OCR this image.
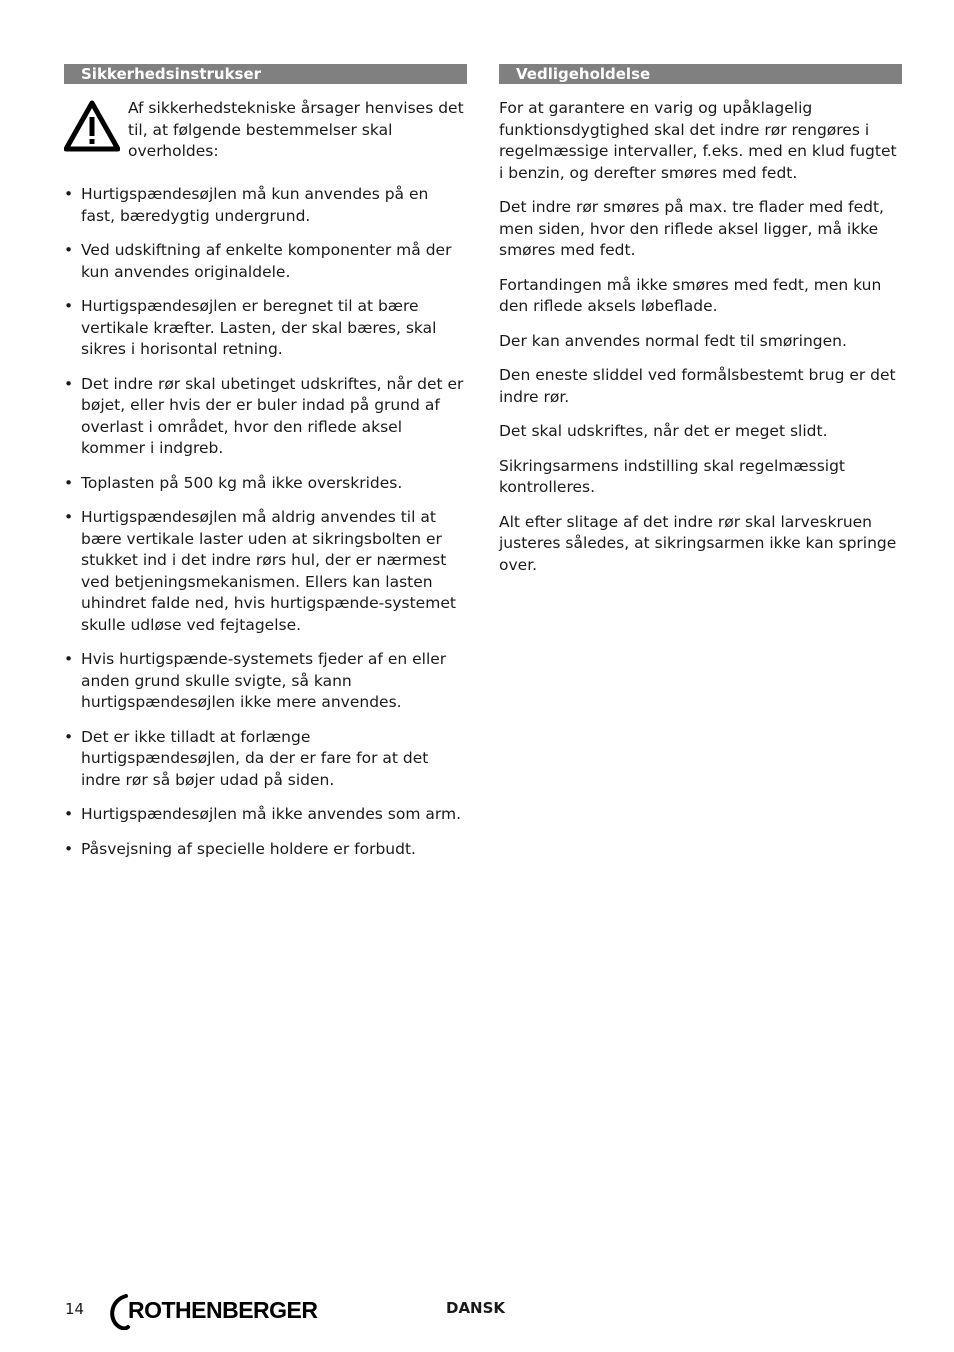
Sikkerhedsinstrukser
Af sikkerhedstekniske årsager henvises det til, at følgende bestemmelser skal overholdes:
• Hurtigspændesøjlen må kun anvendes på en fast, bæredygtig undergrund.
• Ved udskiftning af enkelte komponenter må der kun anvendes originaldele.
• Hurtigspændesøjlen er beregnet til at bære vertikale kræfter. Lasten, der skal bæres, skal sikres i horisontal retning.
• Det indre rør skal ubetinget udskriftes, når det er bøjet, eller hvis der er buler indad på grund af overlast i området, hvor den riflede aksel kommer i indgreb.
• Toplasten på 500 kg må ikke overskrides.
• Hurtigspændesøjlen må aldrig anvendes til at bære vertikale laster uden at sikringsbolten er stukket ind i det indre rørs hul, der er nærmest ved betjeningsmekanismen. Ellers kan lasten uhindret falde ned, hvis hurtigspænde-systemet skulle udløse ved fejtagelse.
• Hvis hurtigspænde-systemets fjeder af en eller anden grund skulle svigte, så kann hurtigspændesøjlen ikke mere anvendes.
• Det er ikke tilladt at forlænge hurtigspændesøjlen, da der er fare for at det indre rør så bøjer udad på siden.
• Hurtigspændesøjlen må ikke anvendes som arm.
• Påsvejsning af specielle holdere er forbudt.
Vedligeholdelse

For at garantere en varig og upåklagelig funktionsdygtighed skal det indre rør rengøres i regelmæssige intervaller, f.eks. med en klud fugtet i benzin, og derefter smøres med fedt.

Det indre rør smøres på max. tre flader med fedt, men siden, hvor den riflede aksel ligger, må ikke smøres med fedt.

Fortandingen må ikke smøres med fedt, men kun den riflede aksels løbeflade.

Der kan anvendes normal fedt til smøringen.

Den eneste sliddel ved formålsbestemt brug er det indre rør.

Det skal udskriftes, når det er meget slidt.

Sikringsarmens indstilling skal regelmæssigt kontrolleres.

Alt efter slitage af det indre rør skal larveskruen justeres således, at sikringsarmen ikke kan springe over.

14 ROTHENBERGER	DANSK
